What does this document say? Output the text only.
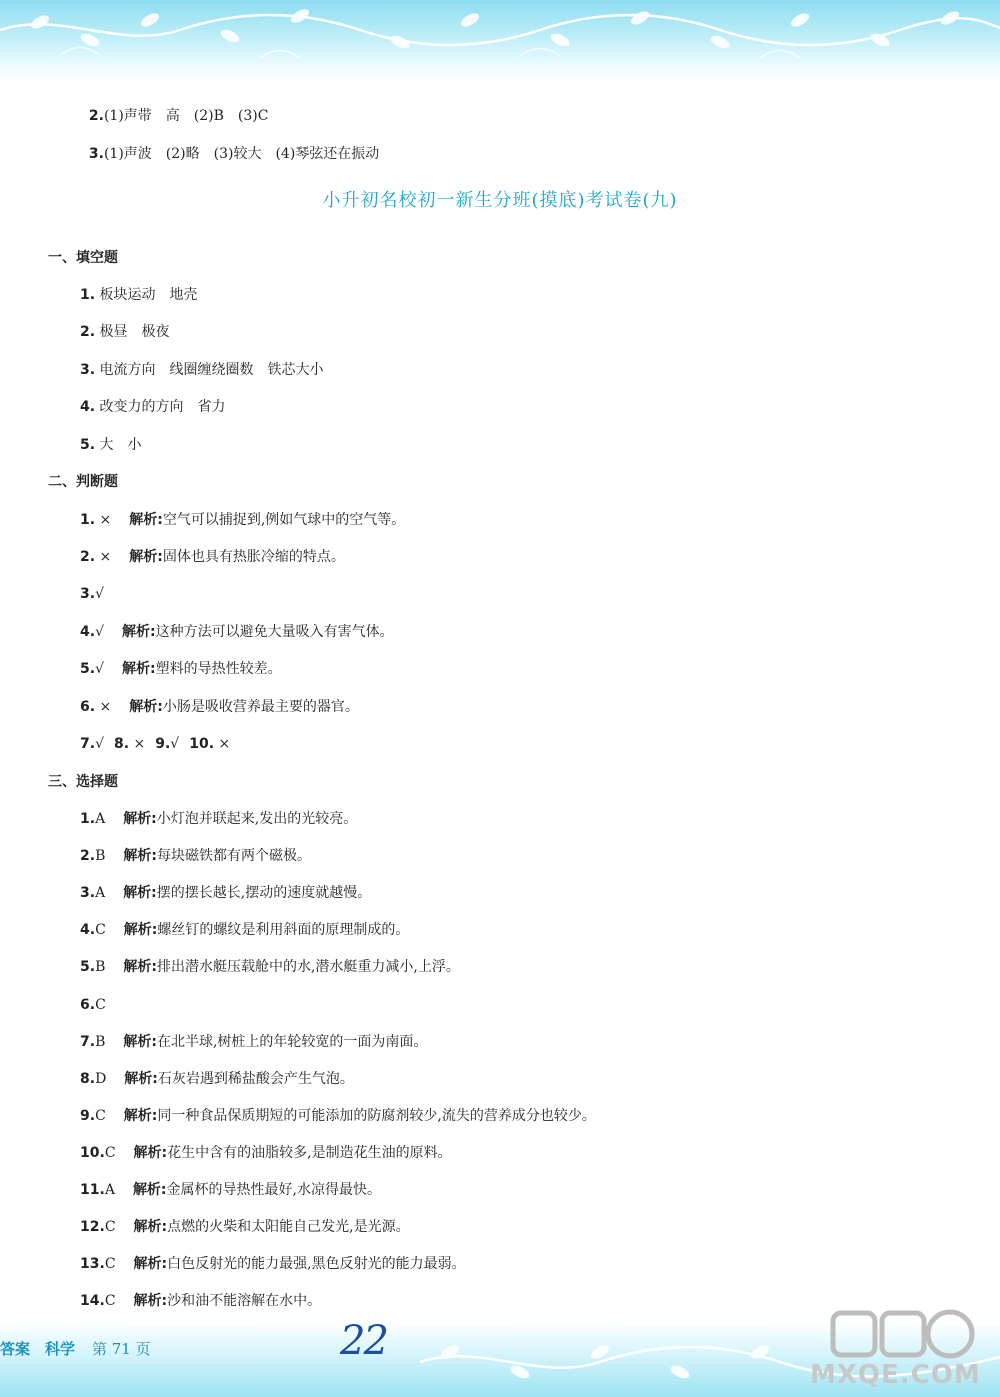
2.(1)声带　高　(2)B　(3)C

3.(1)声波　(2)略　(3)较大　(4)琴弦还在振动

小升初名校初一新生分班(摸底)考试卷(九)
一、填空题
1. 板块运动　地壳
2. 极昼　极夜
3. 电流方向　线圈缠绕圈数　铁芯大小
4. 改变力的方向　省力
5. 大　小
二、判断题
1. × 解析:空气可以捕捉到,例如气球中的空气等。
2. × 解析:固体也具有热胀冷缩的特点。
3.√
4.√ 解析:这种方法可以避免大量吸入有害气体。
5.√ 解析:塑料的导热性较差。
6. × 解析:小肠是吸收营养最主要的器官。
7.√ 8. × 9.√ 10. ×
三、选择题
1.A 解析:小灯泡并联起来,发出的光较亮。
2.B 解析:每块磁铁都有两个磁极。
3.A 解析:摆的摆长越长,摆动的速度就越慢。
4.C 解析:螺丝钉的螺纹是利用斜面的原理制成的。
5.B 解析:排出潜水艇压载舱中的水,潜水艇重力减小,上浮。
6.C
7.B 解析:在北半球,树桩上的年轮较宽的一面为南面。
8.D 解析:石灰岩遇到稀盐酸会产生气泡。
9.C 解析:同一种食品保质期短的可能添加的防腐剂较少,流失的营养成分也较少。
10.C 解析:花生中含有的油脂较多,是制造花生油的原料。
11.A 解析:金属杯的导热性最好,水凉得最快。
12.C 解析:点燃的火柴和太阳能自己发光,是光源。
13.C 解析:白色反射光的能力最强,黑色反射光的能力最弱。
14.C 解析:沙和油不能溶解在水中。
答案　科学 第 71 页	22
MXQE.COM
